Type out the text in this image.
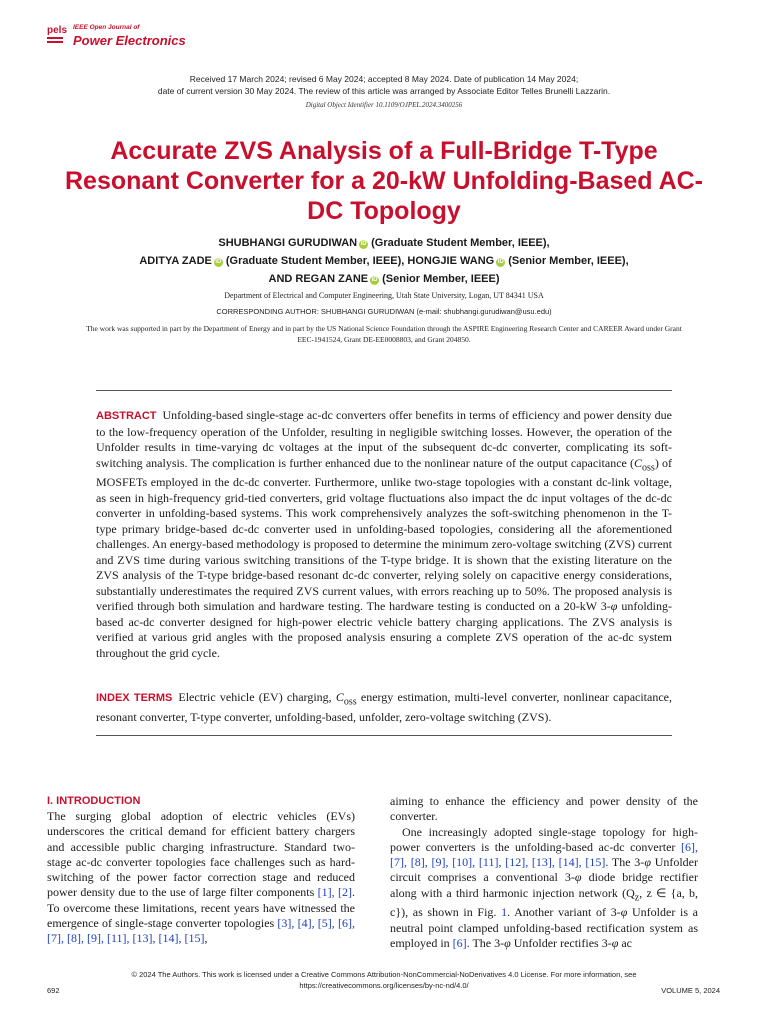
pels IEEE Open Journal of
Power Electronics
Received 17 March 2024; revised 6 May 2024; accepted 8 May 2024. Date of publication 14 May 2024;
date of current version 30 May 2024. The review of this article was arranged by Associate Editor Telles Brunelli Lazzarin.
Digital Object Identifier 10.1109/OJPEL.2024.3400256
Accurate ZVS Analysis of a Full-Bridge T-Type Resonant Converter for a 20-kW Unfolding-Based AC-DC Topology
SHUBHANGI GURUDIWAN iD (Graduate Student Member, IEEE),
ADITYA ZADE iD (Graduate Student Member, IEEE), HONGJIE WANG iD (Senior Member, IEEE),
AND REGAN ZANE iD (Senior Member, IEEE)
Department of Electrical and Computer Engineering, Utah State University, Logan, UT 84341 USA
CORRESPONDING AUTHOR: SHUBHANGI GURUDIWAN (e-mail: shubhangi.gurudiwan@usu.edu)
The work was supported in part by the Department of Energy and in part by the US National Science Foundation through the ASPIRE Engineering Research Center and CAREER Award under Grant EEC-1941524, Grant DE-EE0008803, and Grant 204850.

ABSTRACT Unfolding-based single-stage ac-dc converters offer benefits in terms of efficiency and power density due to the low-frequency operation of the Unfolder, resulting in negligible switching losses. However, the operation of the Unfolder results in time-varying dc voltages at the input of the subsequent dc-dc converter, complicating its soft-switching analysis. The complication is further enhanced due to the nonlinear nature of the output capacitance $(C_{oss})$ of MOSFETs employed in the dc-dc converter. Furthermore, unlike two-stage topologies with a constant dc-link voltage, as seen in high-frequency grid-tied converters, grid voltage fluctuations also impact the dc input voltages of the dc-dc converter in unfolding-based systems. This work comprehensively analyzes the soft-switching phenomenon in the T-type primary bridge-based dc-dc converter used in unfolding-based topologies, considering all the aforementioned challenges. An energy-based methodology is proposed to determine the minimum zero-voltage switching (ZVS) current and ZVS time during various switching transitions of the T-type bridge. It is shown that the existing literature on the ZVS analysis of the T-type bridge-based resonant dc-dc converter, relying solely on capacitive energy considerations, substantially underestimates the required ZVS current values, with errors reaching up to 50%. The proposed analysis is verified through both simulation and hardware testing. The hardware testing is conducted on a 20-kW 3-φ unfolding-based ac-dc converter designed for high-power electric vehicle battery charging applications. The ZVS analysis is verified at various grid angles with the proposed analysis ensuring a complete ZVS operation of the ac-dc system throughout the grid cycle.

INDEX TERMS Electric vehicle (EV) charging, $C_{oss}$ energy estimation, multi-level converter, nonlinear capacitance, resonant converter, T-type converter, unfolding-based, unfolder, zero-voltage switching (ZVS).

I. INTRODUCTION

The surging global adoption of electric vehicles (EVs) underscores the critical demand for efficient battery chargers and accessible public charging infrastructure. Standard two-stage ac-dc converter topologies face challenges such as hard-switching of the power factor correction stage and reduced power density due to the use of large filter components [1], [2]. To overcome these limitations, recent years have witnessed the emergence of single-stage converter topologies [3], [4], [5], [6], [7], [8], [9], [11], [13], [14], [15],

aiming to enhance the efficiency and power density of the converter.

One increasingly adopted single-stage topology for high-power converters is the unfolding-based ac-dc converter [6], [7], [8], [9], [10], [11], [12], [13], [14], [15]. The 3-φ Unfolder circuit comprises a conventional 3-φ diode bridge rectifier along with a third harmonic injection network ($Q_z$, z ∈ {a, b, c}), as shown in Fig. 1. Another variant of 3-φ Unfolder is a neutral point clamped unfolding-based rectification system as employed in [6]. The 3-φ Unfolder rectifies 3-φ ac

© 2024 The Authors. This work is licensed under a Creative Commons Attribution-NonCommercial-NoDerivatives 4.0 License. For more information, see
https://creativecommons.org/licenses/by-nc-nd/4.0/
692	VOLUME 5, 2024
